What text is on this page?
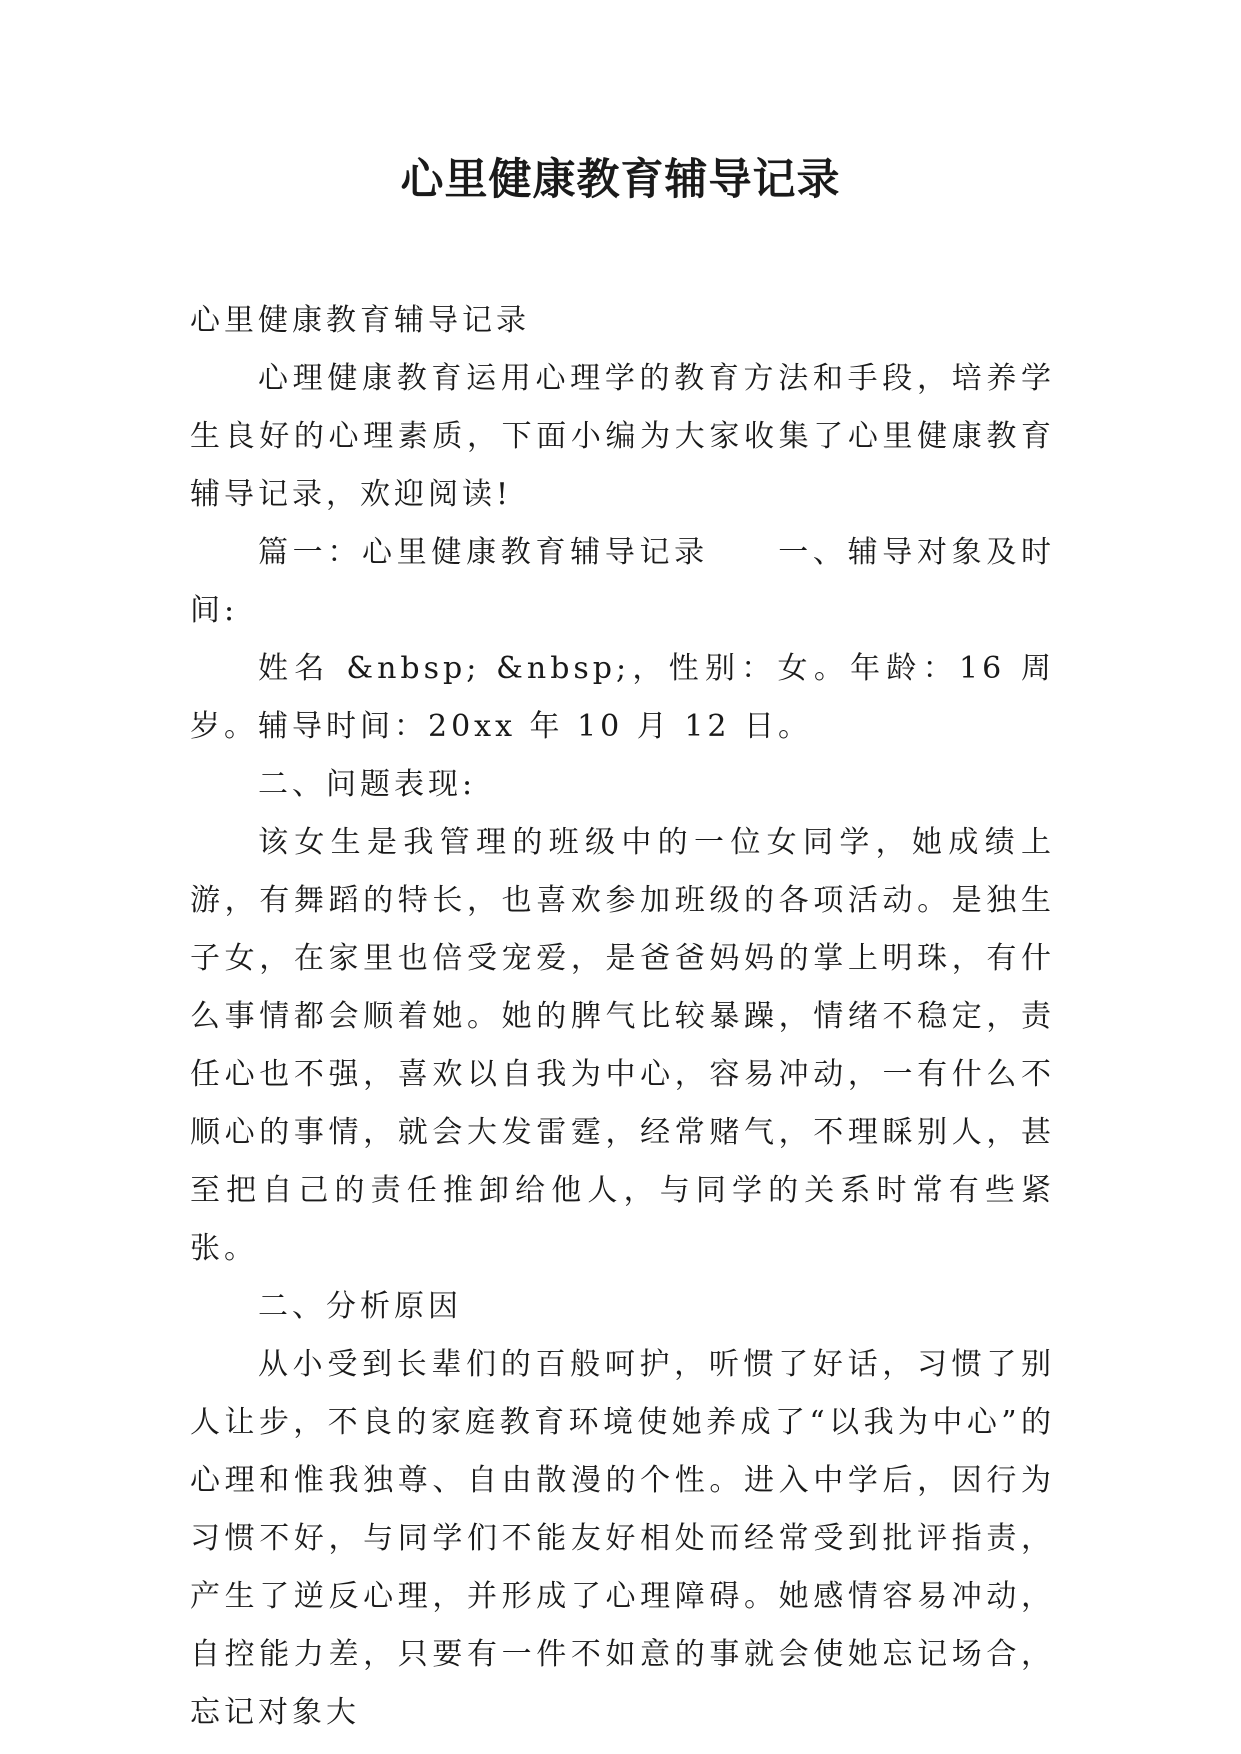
心里健康教育辅导记录

心里健康教育辅导记录

心理健康教育运用心理学的教育方法和手段，培养学生良好的心理素质，下面小编为大家收集了心里健康教育辅导记录，欢迎阅读!

篇一：心里健康教育辅导记录　　一、辅导对象及时间:

姓名 &nbsp; &nbsp;，性别：女。年龄：16 周岁。辅导时间：20xx 年 10 月 12 日。

二、问题表现:

该女生是我管理的班级中的一位女同学，她成绩上游，有舞蹈的特长，也喜欢参加班级的各项活动。是独生子女，在家里也倍受宠爱，是爸爸妈妈的掌上明珠，有什么事情都会顺着她。她的脾气比较暴躁，情绪不稳定，责任心也不强，喜欢以自我为中心，容易冲动，一有什么不顺心的事情，就会大发雷霆，经常赌气，不理睬别人，甚至把自己的责任推卸给他人，与同学的关系时常有些紧张。

二、分析原因

从小受到长辈们的百般呵护，听惯了好话，习惯了别人让步，不良的家庭教育环境使她养成了“以我为中心”的心理和惟我独尊、自由散漫的个性。进入中学后，因行为习惯不好，与同学们不能友好相处而经常受到批评指责，产生了逆反心理，并形成了心理障碍。她感情容易冲动，自控能力差，只要有一件不如意的事就会使她忘记场合，忘记对象大
